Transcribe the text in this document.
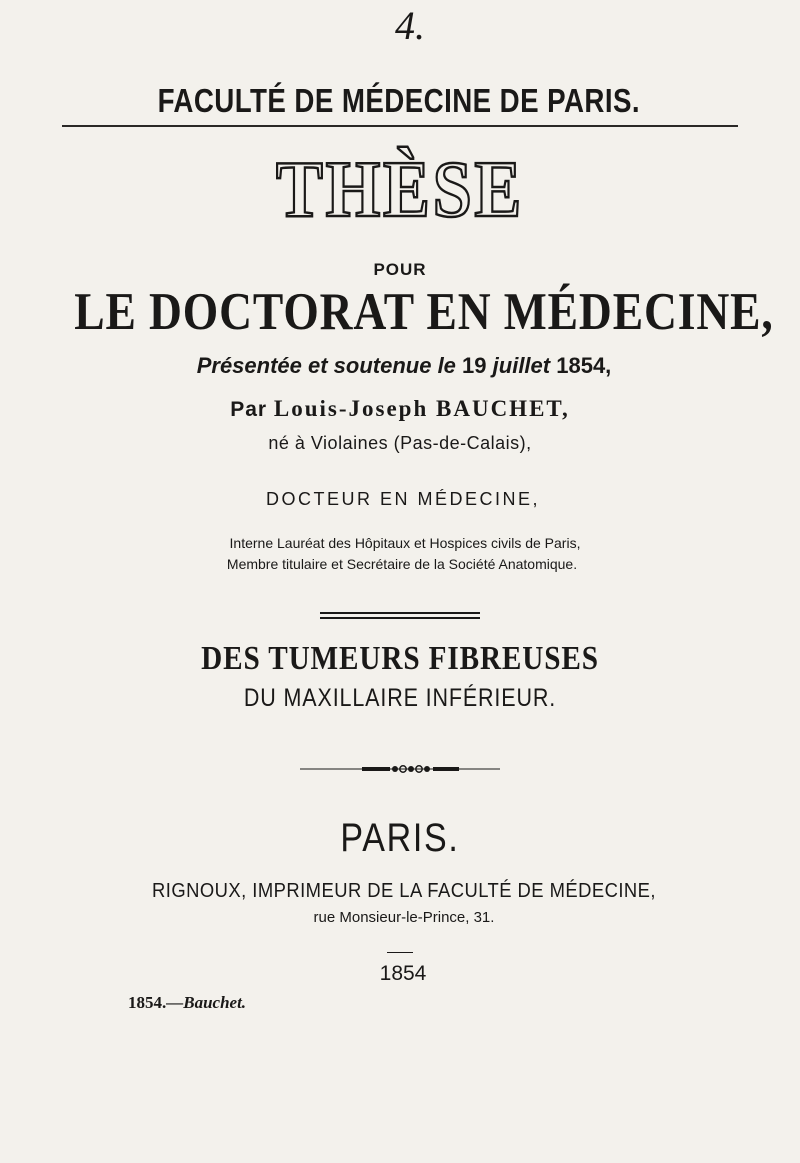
4.
FACULTÉ DE MÉDECINE DE PARIS.
THÈSE
POUR
LE DOCTORAT EN MÉDECINE,
Présentée et soutenue le 19 juillet 1854,
Par Louis-Joseph BAUCHET,
né à Violaines (Pas-de-Calais),
DOCTEUR EN MÉDECINE,
Interne Lauréat des Hôpitaux et Hospices civils de Paris,
Membre titulaire et Secrétaire de la Société Anatomique.
DES TUMEURS FIBREUSES
DU MAXILLAIRE INFÉRIEUR.
PARIS.
RIGNOUX, IMPRIMEUR DE LA FACULTÉ DE MÉDECINE,
rue Monsieur-le-Prince, 31.
1854
1854.—Bauchet.
